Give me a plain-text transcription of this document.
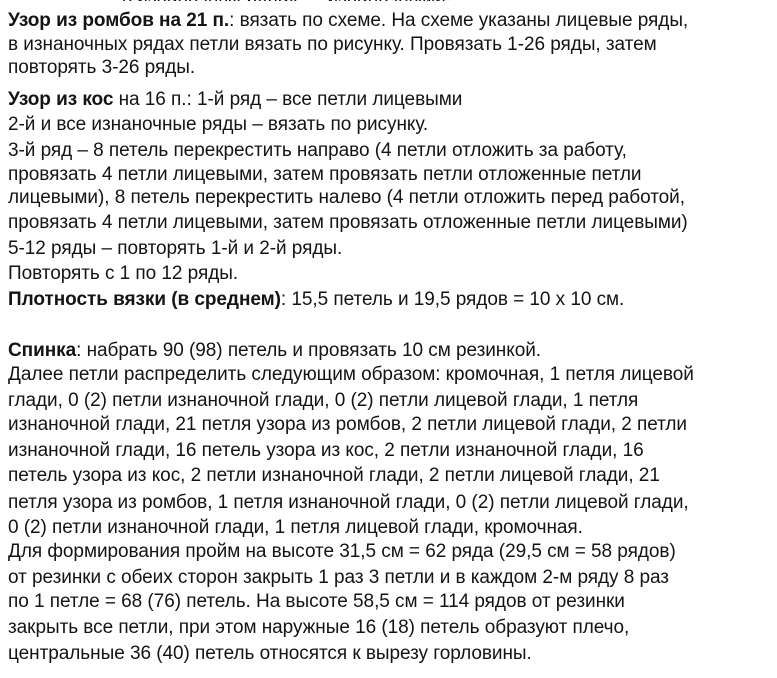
Узор из ромбов на 21 п.: вязать по схеме. На схеме указаны лицевые ряды,
в изнаночных рядах петли вязать по рисунку. Провязать 1-26 ряды, затем
повторять 3-26 ряды.
Узор из кос на 16 п.: 1-й ряд – все петли лицевыми
2-й и все изнаночные ряды – вязать по рисунку.
3-й ряд – 8 петель перекрестить направо (4 петли отложить за работу,
провязать 4 петли лицевыми, затем провязать петли отложенные петли
лицевыми), 8 петель перекрестить налево (4 петли отложить перед работой,
провязать 4 петли лицевыми, затем провязать отложенные петли лицевыми)
5-12 ряды – повторять 1-й и 2-й ряды.
Повторять с 1 по 12 ряды.
Плотность вязки (в среднем): 15,5 петель и 19,5 рядов = 10 х 10 см.
Спинка: набрать 90 (98) петель и провязать 10 см резинкой.
Далее петли распределить следующим образом: кромочная, 1 петля лицевой
глади, 0 (2) петли изнаночной глади, 0 (2) петли лицевой глади, 1 петля
изнаночной глади, 21 петля узора из ромбов, 2 петли лицевой глади, 2 петли
изнаночной глади, 16 петель узора из кос, 2 петли изнаночной глади, 16
петель узора из кос, 2 петли изнаночной глади, 2 петли лицевой глади, 21
петля узора из ромбов, 1 петля изнаночной глади, 0 (2) петли лицевой глади,
0 (2) петли изнаночной глади, 1 петля лицевой глади, кромочная.
Для формирования пройм на высоте 31,5 см = 62 ряда (29,5 см = 58 рядов)
от резинки с обеих сторон закрыть 1 раз 3 петли и в каждом 2-м ряду 8 раз
по 1 петле = 68 (76) петель. На высоте 58,5 см = 114 рядов от резинки
закрыть все петли, при этом наружные 16 (18) петель образуют плечо,
центральные 36 (40) петель относятся к вырезу горловины.
